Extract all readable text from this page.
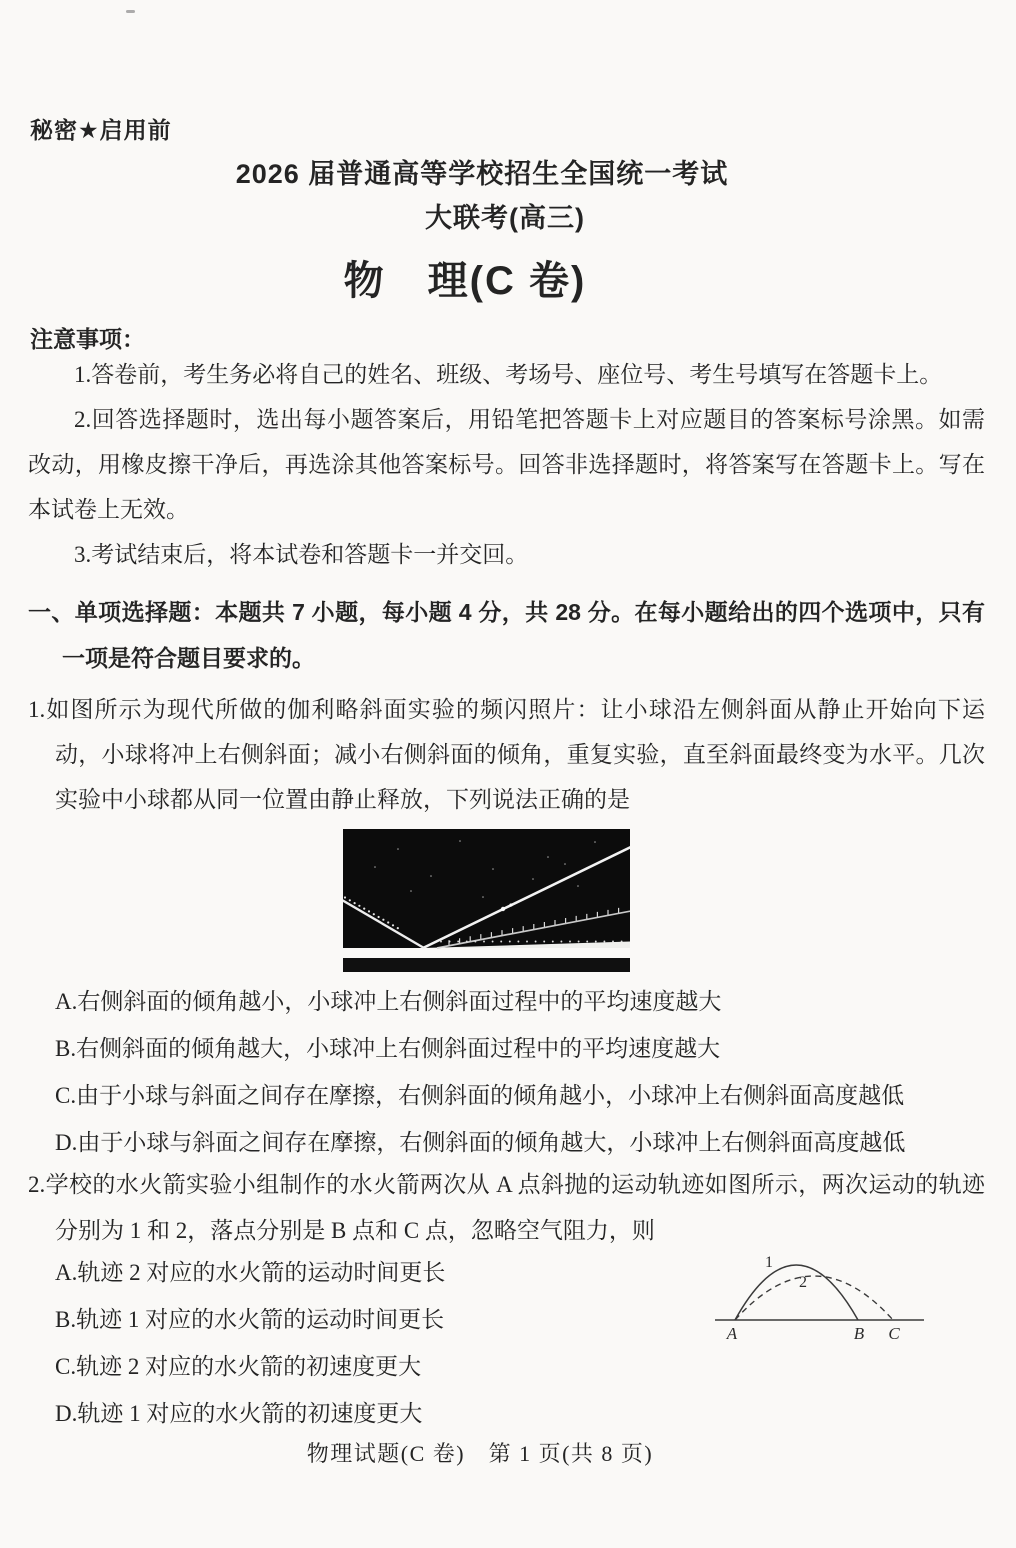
秘密★启用前
2026 届普通高等学校招生全国统一考试
大联考(高三)
物　理(C 卷)
注意事项：

1.答卷前，考生务必将自己的姓名、班级、考场号、座位号、考生号填写在答题卡上。

2.回答选择题时，选出每小题答案后，用铅笔把答题卡上对应题目的答案标号涂黑。如需改动，用橡皮擦干净后，再选涂其他答案标号。回答非选择题时，将答案写在答题卡上。写在本试卷上无效。

3.考试结束后，将本试卷和答题卡一并交回。

一、单项选择题：本题共 7 小题，每小题 4 分，共 28 分。在每小题给出的四个选项中，只有一项是符合题目要求的。
1.如图所示为现代所做的伽利略斜面实验的频闪照片：让小球沿左侧斜面从静止开始向下运动，小球将冲上右侧斜面；减小右侧斜面的倾角，重复实验，直至斜面最终变为水平。几次实验中小球都从同一位置由静止释放，下列说法正确的是
A.右侧斜面的倾角越小，小球冲上右侧斜面过程中的平均速度越大
B.右侧斜面的倾角越大，小球冲上右侧斜面过程中的平均速度越大
C.由于小球与斜面之间存在摩擦，右侧斜面的倾角越小，小球冲上右侧斜面高度越低
D.由于小球与斜面之间存在摩擦，右侧斜面的倾角越大，小球冲上右侧斜面高度越低
2.学校的水火箭实验小组制作的水火箭两次从 A 点斜抛的运动轨迹如图所示，两次运动的轨迹分别为 1 和 2，落点分别是 B 点和 C 点，忽略空气阻力，则
A.轨迹 2 对应的水火箭的运动时间更长
B.轨迹 1 对应的水火箭的运动时间更长
C.轨迹 2 对应的水火箭的初速度更大
D.轨迹 1 对应的水火箭的初速度更大
1
2
A	B C
物理试题(C 卷)　第 1 页(共 8 页)
